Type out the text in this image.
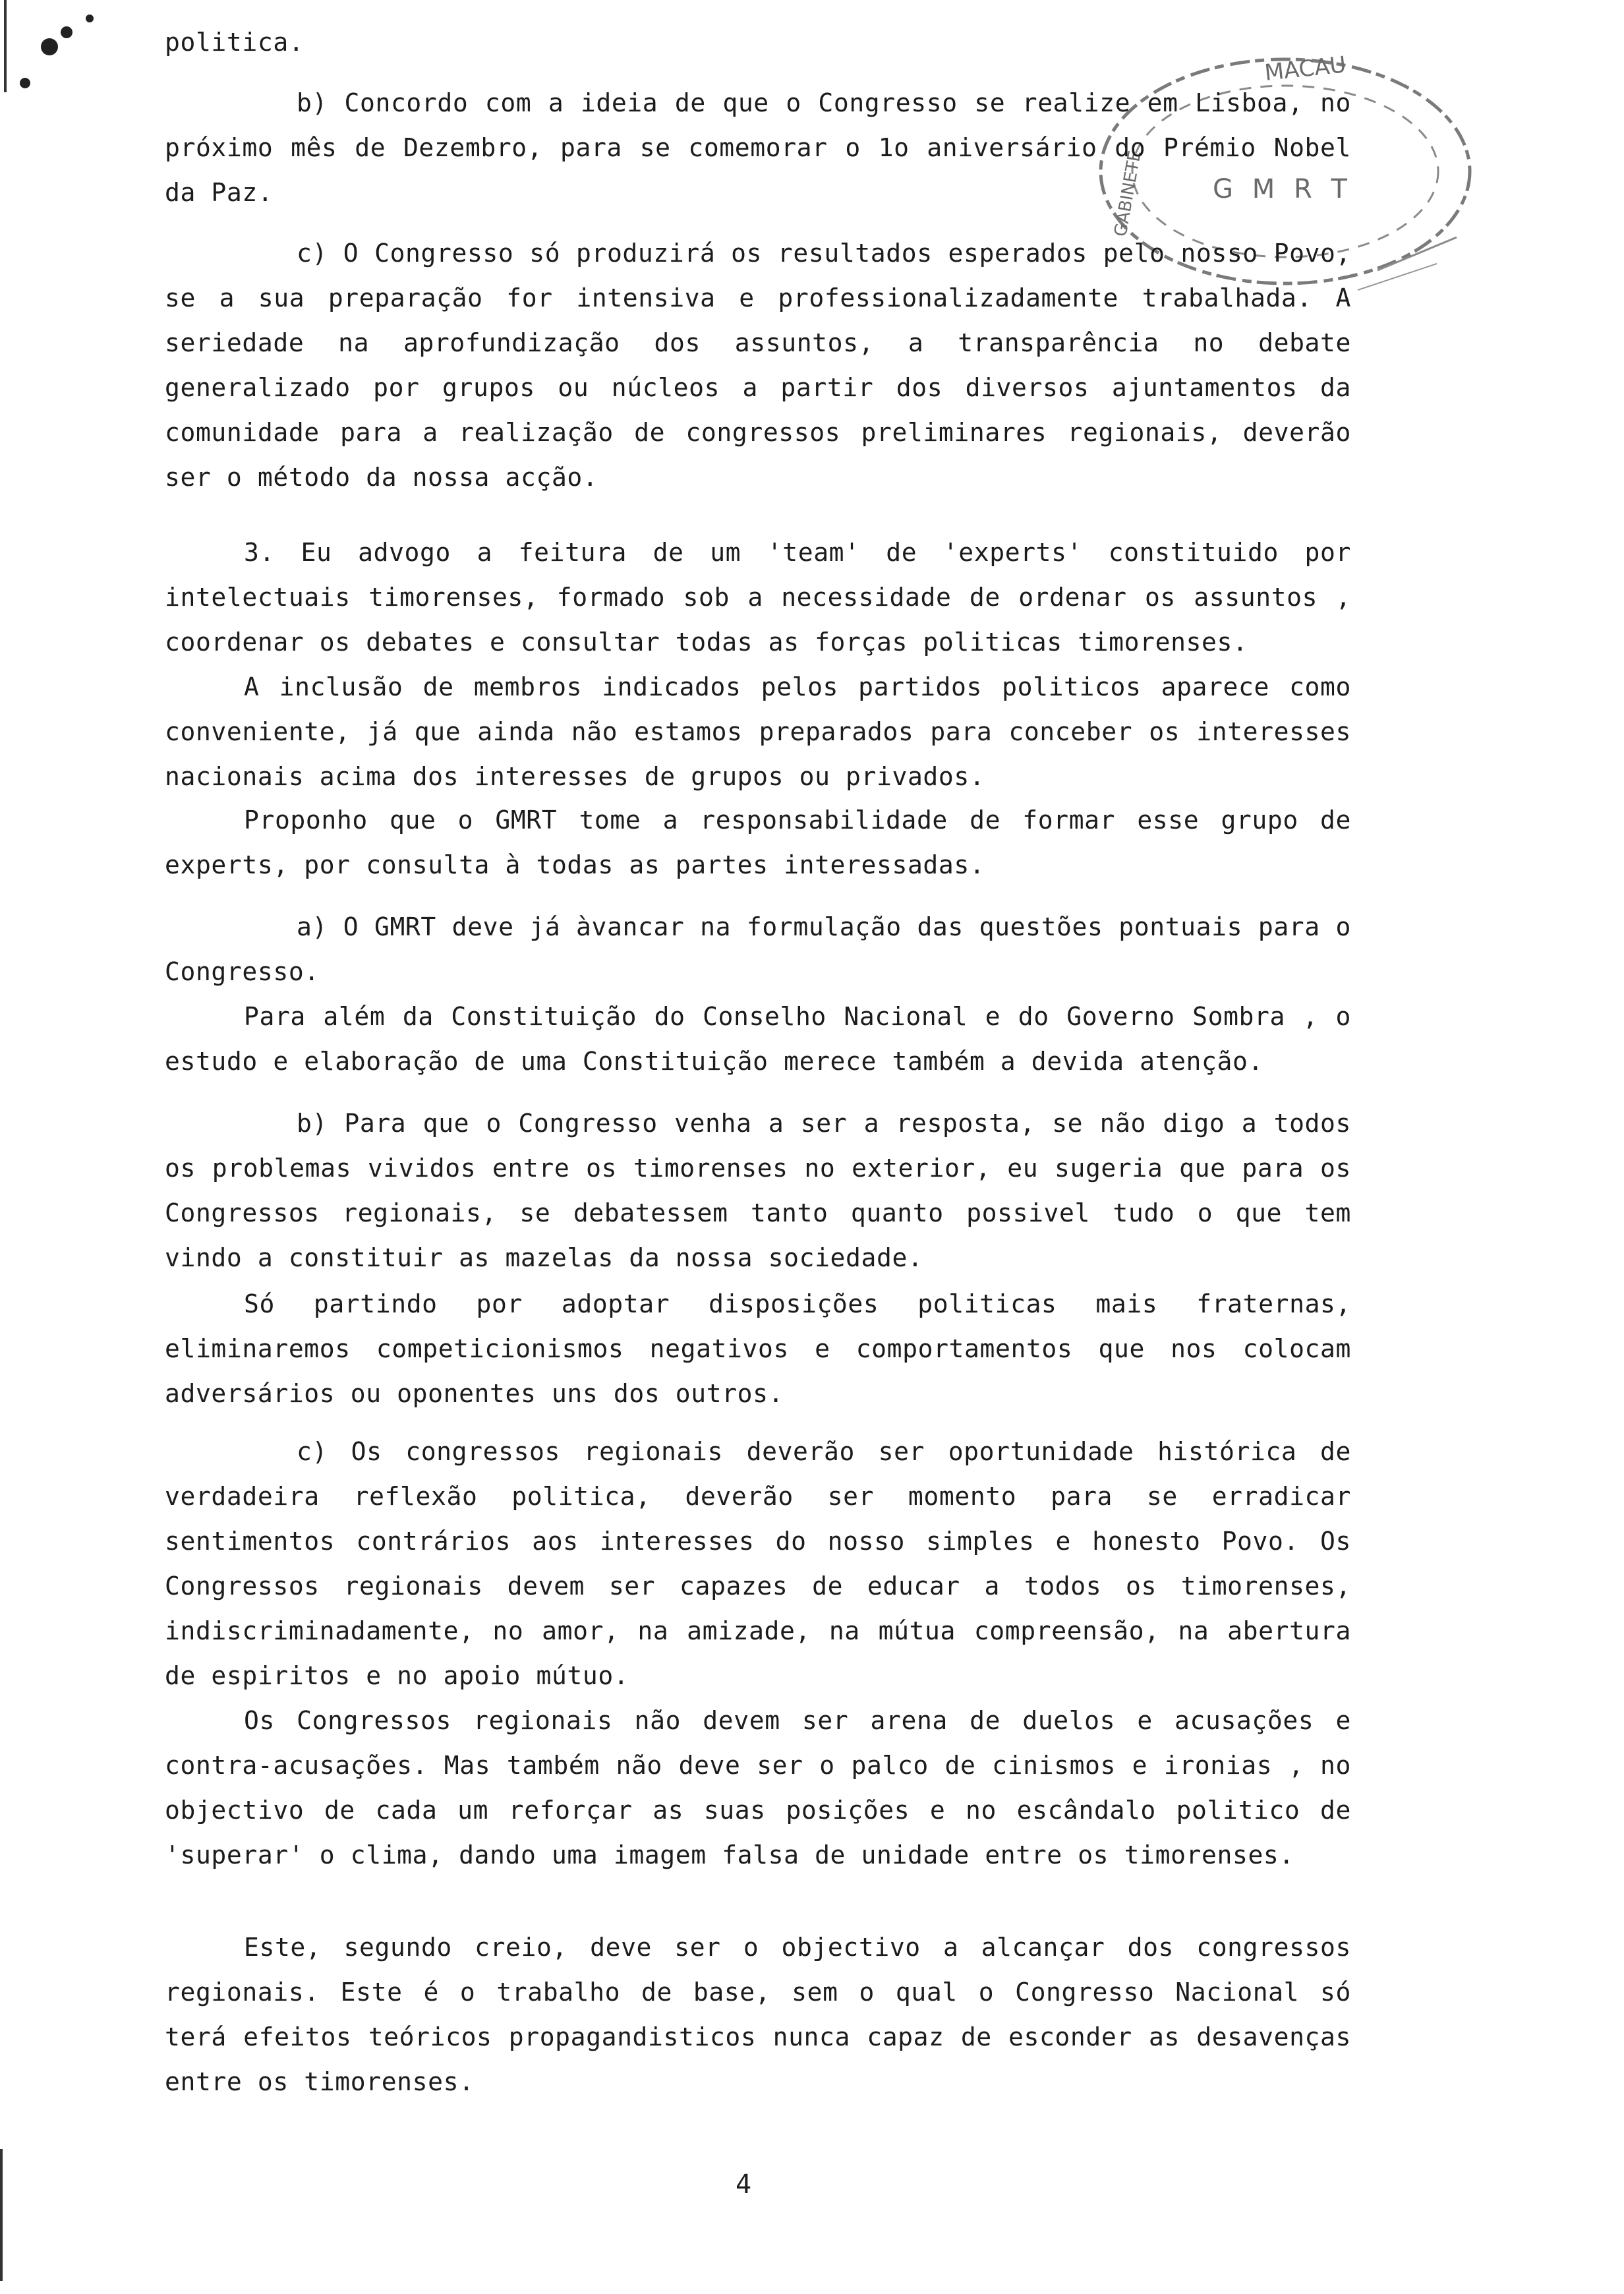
MACAU
GABINETE	G M R T
politica.
b) Concordo com a ideia de que o Congresso se realize em Lisboa, no próximo mês de Dezembro, para se comemorar o 1o aniversário do Prémio Nobel da Paz.
c) O Congresso só produzirá os resultados esperados pelo nosso Povo, se a sua preparação for intensiva e professionalizadamente trabalhada. A seriedade na aprofundização dos assuntos, a transparência no debate generalizado por grupos ou núcleos a partir dos diversos ajuntamentos da comunidade para a realização de congressos preliminares regionais, deverão ser o método da nossa acção.
3. Eu advogo a feitura de um 'team' de 'experts' constituido por intelectuais timorenses, formado sob a necessidade de ordenar os assuntos , coordenar os debates e consultar todas as forças politicas timorenses.
A inclusão de membros indicados pelos partidos politicos aparece como conveniente, já que ainda não estamos preparados para conceber os interesses nacionais acima dos interesses de grupos ou privados.
Proponho que o GMRT tome a responsabilidade de formar esse grupo de experts, por consulta à todas as partes interessadas.
a) O GMRT deve já àvancar na formulação das questões pontuais para o Congresso.
Para além da Constituição do Conselho Nacional e do Governo Sombra , o estudo e elaboração de uma Constituição merece também a devida atenção.
b) Para que o Congresso venha a ser a resposta, se não digo a todos os problemas vividos entre os timorenses no exterior, eu sugeria que para os Congressos regionais, se debatessem tanto quanto possivel tudo o que tem vindo a constituir as mazelas da nossa sociedade.
Só partindo por adoptar disposições politicas mais fraternas, eliminaremos competicionismos negativos e comportamentos que nos colocam adversários ou oponentes uns dos outros.
c) Os congressos regionais deverão ser oportunidade histórica de verdadeira reflexão politica, deverão ser momento para se erradicar sentimentos contrários aos interesses do nosso simples e honesto Povo. Os Congressos regionais devem ser capazes de educar a todos os timorenses, indiscriminadamente, no amor, na amizade, na mútua compreensão, na abertura de espiritos e no apoio mútuo.
Os Congressos regionais não devem ser arena de duelos e acusações e contra-acusações. Mas também não deve ser o palco de cinismos e ironias , no objectivo de cada um reforçar as suas posições e no escândalo politico de 'superar' o clima, dando uma imagem falsa de unidade entre os timorenses.
Este, segundo creio, deve ser o objectivo a alcançar dos congressos regionais. Este é o trabalho de base, sem o qual o Congresso Nacional só terá efeitos teóricos propagandisticos nunca capaz de esconder as desavenças entre os timorenses.
4
